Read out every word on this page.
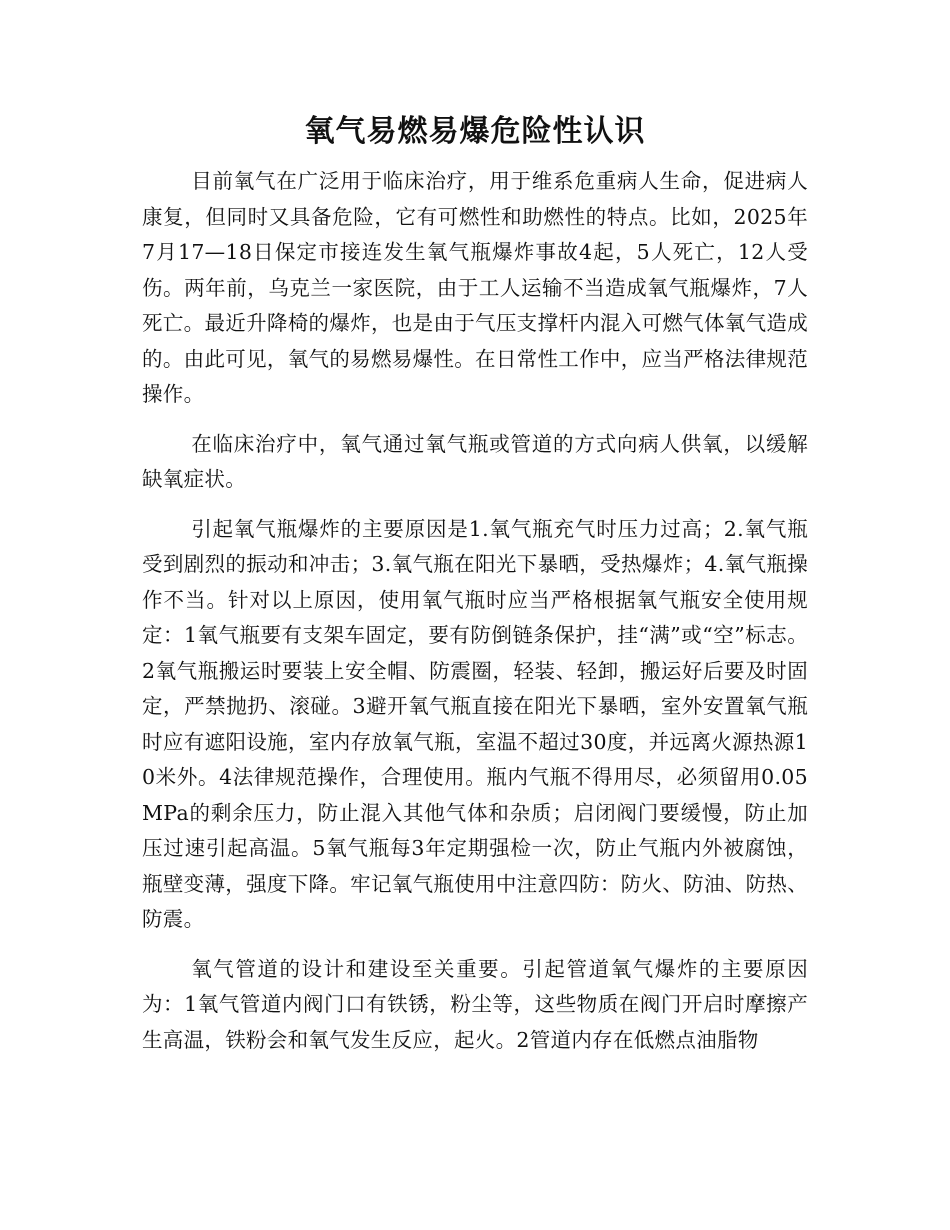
氧气易燃易爆危险性认识

目前氧气在广泛用于临床治疗，用于维系危重病人生命，促进病人康复，但同时又具备危险，它有可燃性和助燃性的特点。比如，2025年7月17—18日保定市接连发生氧气瓶爆炸事故4起，5人死亡，12人受伤。两年前，乌克兰一家医院，由于工人运输不当造成氧气瓶爆炸，7人死亡。最近升降椅的爆炸，也是由于气压支撑杆内混入可燃气体氧气造成的。由此可见，氧气的易燃易爆性。在日常性工作中，应当严格法律规范操作。

在临床治疗中，氧气通过氧气瓶或管道的方式向病人供氧，以缓解缺氧症状。

引起氧气瓶爆炸的主要原因是1.氧气瓶充气时压力过高；2.氧气瓶受到剧烈的振动和冲击；3.氧气瓶在阳光下暴晒，受热爆炸；4.氧气瓶操作不当。针对以上原因，使用氧气瓶时应当严格根据氧气瓶安全使用规定：1氧气瓶要有支架车固定，要有防倒链条保护，挂“满”或“空”标志。2氧气瓶搬运时要装上安全帽、防震圈，轻装、轻卸，搬运好后要及时固定，严禁抛扔、滚碰。3避开氧气瓶直接在阳光下暴晒，室外安置氧气瓶时应有遮阳设施，室内存放氧气瓶，室温不超过30度，并远离火源热源10米外。4法律规范操作，合理使用。瓶内气瓶不得用尽，必须留用0.05MPa的剩余压力，防止混入其他气体和杂质；启闭阀门要缓慢，防止加压过速引起高温。5氧气瓶每3年定期强检一次，防止气瓶内外被腐蚀，瓶壁变薄，强度下降。牢记氧气瓶使用中注意四防：防火、防油、防热、防震。

氧气管道的设计和建设至关重要。引起管道氧气爆炸的主要原因为：1氧气管道内阀门口有铁锈，粉尘等，这些物质在阀门开启时摩擦产生高温，铁粉会和氧气发生反应，起火。2管道内存在低燃点油脂物
